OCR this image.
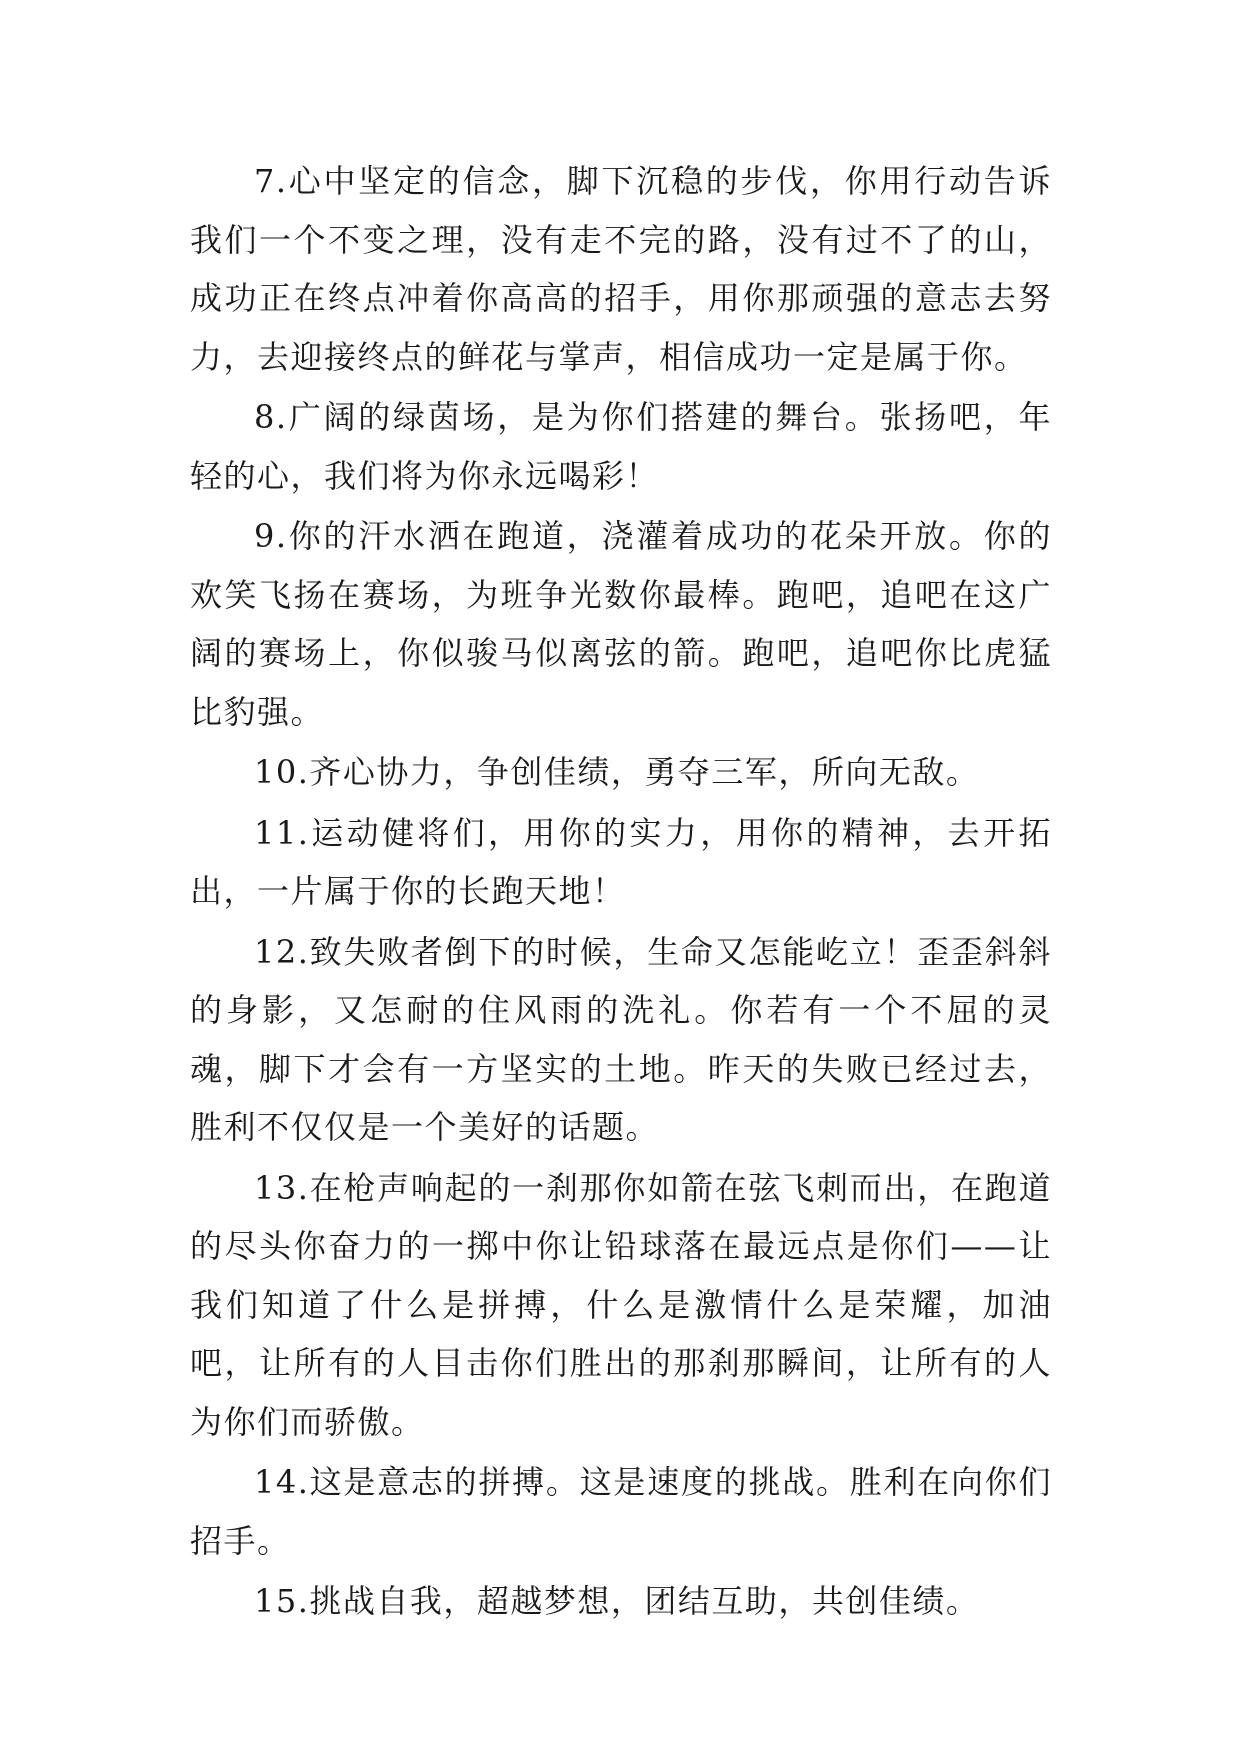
7.心中坚定的信念，脚下沉稳的步伐，你用行动告诉我们一个不变之理，没有走不完的路，没有过不了的山，成功正在终点冲着你高高的招手，用你那顽强的意志去努力，去迎接终点的鲜花与掌声，相信成功一定是属于你。

8.广阔的绿茵场，是为你们搭建的舞台。张扬吧，年轻的心，我们将为你永远喝彩！

9.你的汗水洒在跑道，浇灌着成功的花朵开放。你的欢笑飞扬在赛场，为班争光数你最棒。跑吧，追吧在这广阔的赛场上，你似骏马似离弦的箭。跑吧，追吧你比虎猛比豹强。

10.齐心协力，争创佳绩，勇夺三军，所向无敌。

11.运动健将们，用你的实力，用你的精神，去开拓出，一片属于你的长跑天地！

12.致失败者倒下的时候，生命又怎能屹立！歪歪斜斜的身影，又怎耐的住风雨的洗礼。你若有一个不屈的灵魂，脚下才会有一方坚实的土地。昨天的失败已经过去，胜利不仅仅是一个美好的话题。

13.在枪声响起的一刹那你如箭在弦飞刺而出，在跑道的尽头你奋力的一掷中你让铅球落在最远点是你们——让我们知道了什么是拼搏，什么是激情什么是荣耀，加油吧，让所有的人目击你们胜出的那刹那瞬间，让所有的人为你们而骄傲。

14.这是意志的拼搏。这是速度的挑战。胜利在向你们招手。

15.挑战自我，超越梦想，团结互助，共创佳绩。
